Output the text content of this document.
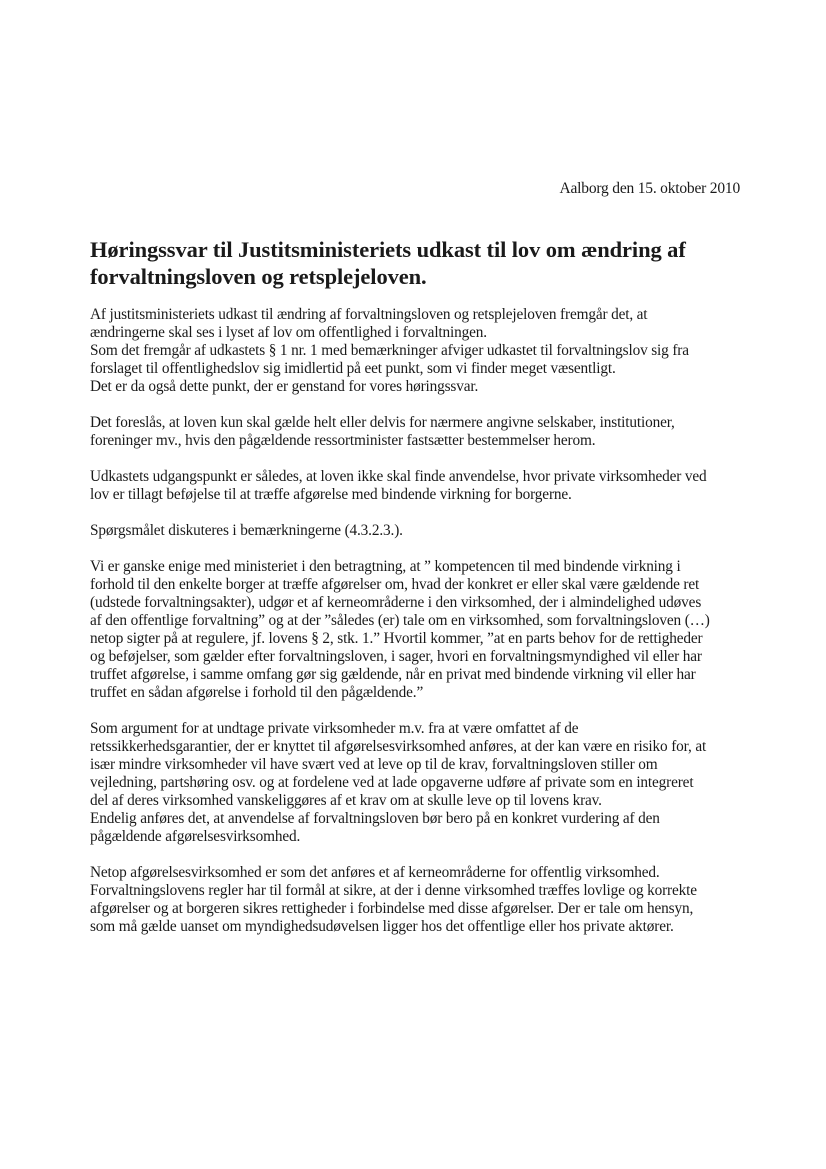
Aalborg den 15. oktober 2010
Høringssvar til Justitsministeriets udkast til lov om ændring af
forvaltningsloven og retsplejeloven.

Af justitsministeriets udkast til ændring af forvaltningsloven og retsplejeloven fremgår det, at
ændringerne skal ses i lyset af lov om offentlighed i forvaltningen.
Som det fremgår af udkastets § 1 nr. 1 med bemærkninger afviger udkastet til forvaltningslov sig fra
forslaget til offentlighedslov sig imidlertid på eet punkt, som vi finder meget væsentligt.
Det er da også dette punkt, der er genstand for vores høringssvar.

Det foreslås, at loven kun skal gælde helt eller delvis for nærmere angivne selskaber, institutioner,
foreninger mv., hvis den pågældende ressortminister fastsætter bestemmelser herom.

Udkastets udgangspunkt er således, at loven ikke skal finde anvendelse, hvor private virksomheder ved
lov er tillagt beføjelse til at træffe afgørelse med bindende virkning for borgerne.

Spørgsmålet diskuteres i bemærkningerne (4.3.2.3.).

Vi er ganske enige med ministeriet i den betragtning, at ” kompetencen til med bindende virkning i
forhold til den enkelte borger at træffe afgørelser om, hvad der konkret er eller skal være gældende ret
(udstede forvaltningsakter), udgør et af kerneområderne i den virksomhed, der i almindelighed udøves
af den offentlige forvaltning” og at der ”således (er) tale om en virksomhed, som forvaltningsloven (…)
netop sigter på at regulere, jf. lovens § 2, stk. 1.” Hvortil kommer, ”at en parts behov for de rettigheder
og beføjelser, som gælder efter forvaltningsloven, i sager, hvori en forvaltningsmyndighed vil eller har
truffet afgørelse, i samme omfang gør sig gældende, når en privat med bindende virkning vil eller har
truffet en sådan afgørelse i forhold til den pågældende.”

Som argument for at undtage private virksomheder m.v. fra at være omfattet af de
retssikkerhedsgarantier, der er knyttet til afgørelsesvirksomhed anføres, at der kan være en risiko for, at
især mindre virksomheder vil have svært ved at leve op til de krav, forvaltningsloven stiller om
vejledning, partshøring osv. og at fordelene ved at lade opgaverne udføre af private som en integreret
del af deres virksomhed vanskeliggøres af et krav om at skulle leve op til lovens krav.
Endelig anføres det, at anvendelse af forvaltningsloven bør bero på en konkret vurdering af den
pågældende afgørelsesvirksomhed.

Netop afgørelsesvirksomhed er som det anføres et af kerneområderne for offentlig virksomhed.
Forvaltningslovens regler har til formål at sikre, at der i denne virksomhed træffes lovlige og korrekte
afgørelser og at borgeren sikres rettigheder i forbindelse med disse afgørelser. Der er tale om hensyn,
som må gælde uanset om myndighedsudøvelsen ligger hos det offentlige eller hos private aktører.
